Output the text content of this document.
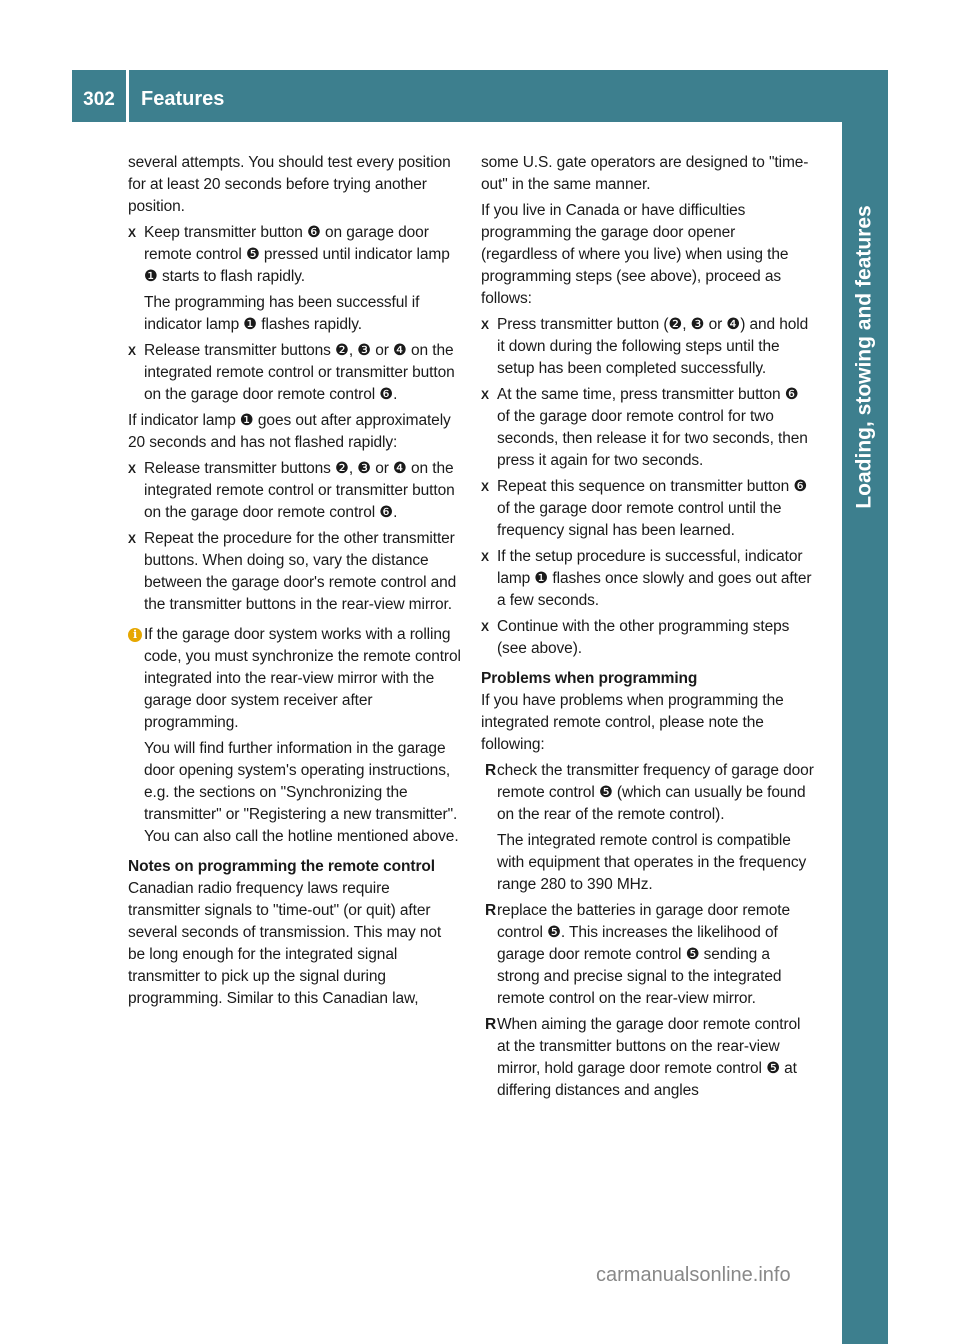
302	Features
Loading, stowing and features

several attempts. You should test every position for at least 20 seconds before trying another position.

X Keep transmitter button ❻ on garage door remote control ❺ pressed until indicator lamp ❶ starts to flash rapidly.
The programming has been successful if indicator lamp ❶ flashes rapidly.
X Release transmitter buttons ❷, ❸ or ❹ on the integrated remote control or transmitter button on the garage door remote control ❻.

If indicator lamp ❶ goes out after approximately 20 seconds and has not flashed rapidly:

X Release transmitter buttons ❷, ❸ or ❹ on the integrated remote control or transmitter button on the garage door remote control ❻.
X Repeat the procedure for the other transmitter buttons. When doing so, vary the distance between the garage door's remote control and the transmitter buttons in the rear-view mirror.
i If the garage door system works with a rolling code, you must synchronize the remote control integrated into the rear-view mirror with the garage door system receiver after programming.
You will find further information in the garage door opening system's operating instructions, e.g. the sections on "Synchronizing the transmitter" or "Registering a new transmitter". You can also call the hotline mentioned above.
Notes on programming the remote control

Canadian radio frequency laws require transmitter signals to "time-out" (or quit) after several seconds of transmission. This may not be long enough for the integrated signal transmitter to pick up the signal during programming. Similar to this Canadian law,

some U.S. gate operators are designed to "time-out" in the same manner.

If you live in Canada or have difficulties programming the garage door opener (regardless of where you live) when using the programming steps (see above), proceed as follows:

X Press transmitter button (❷, ❸ or ❹) and hold it down during the following steps until the setup has been completed successfully.
X At the same time, press transmitter button ❻ of the garage door remote control for two seconds, then release it for two seconds, then press it again for two seconds.
X Repeat this sequence on transmitter button ❻ of the garage door remote control until the frequency signal has been learned.
X If the setup procedure is successful, indicator lamp ❶ flashes once slowly and goes out after a few seconds.
X Continue with the other programming steps (see above).
Problems when programming

If you have problems when programming the integrated remote control, please note the following:

R check the transmitter frequency of garage door remote control ❺ (which can usually be found on the rear of the remote control).
The integrated remote control is compatible with equipment that operates in the frequency range 280 to 390 MHz.
R replace the batteries in garage door remote control ❺. This increases the likelihood of garage door remote control ❺ sending a strong and precise signal to the integrated remote control on the rear-view mirror.
R When aiming the garage door remote control at the transmitter buttons on the rear-view mirror, hold garage door remote control ❺ at differing distances and angles
carmanualsonline.info
